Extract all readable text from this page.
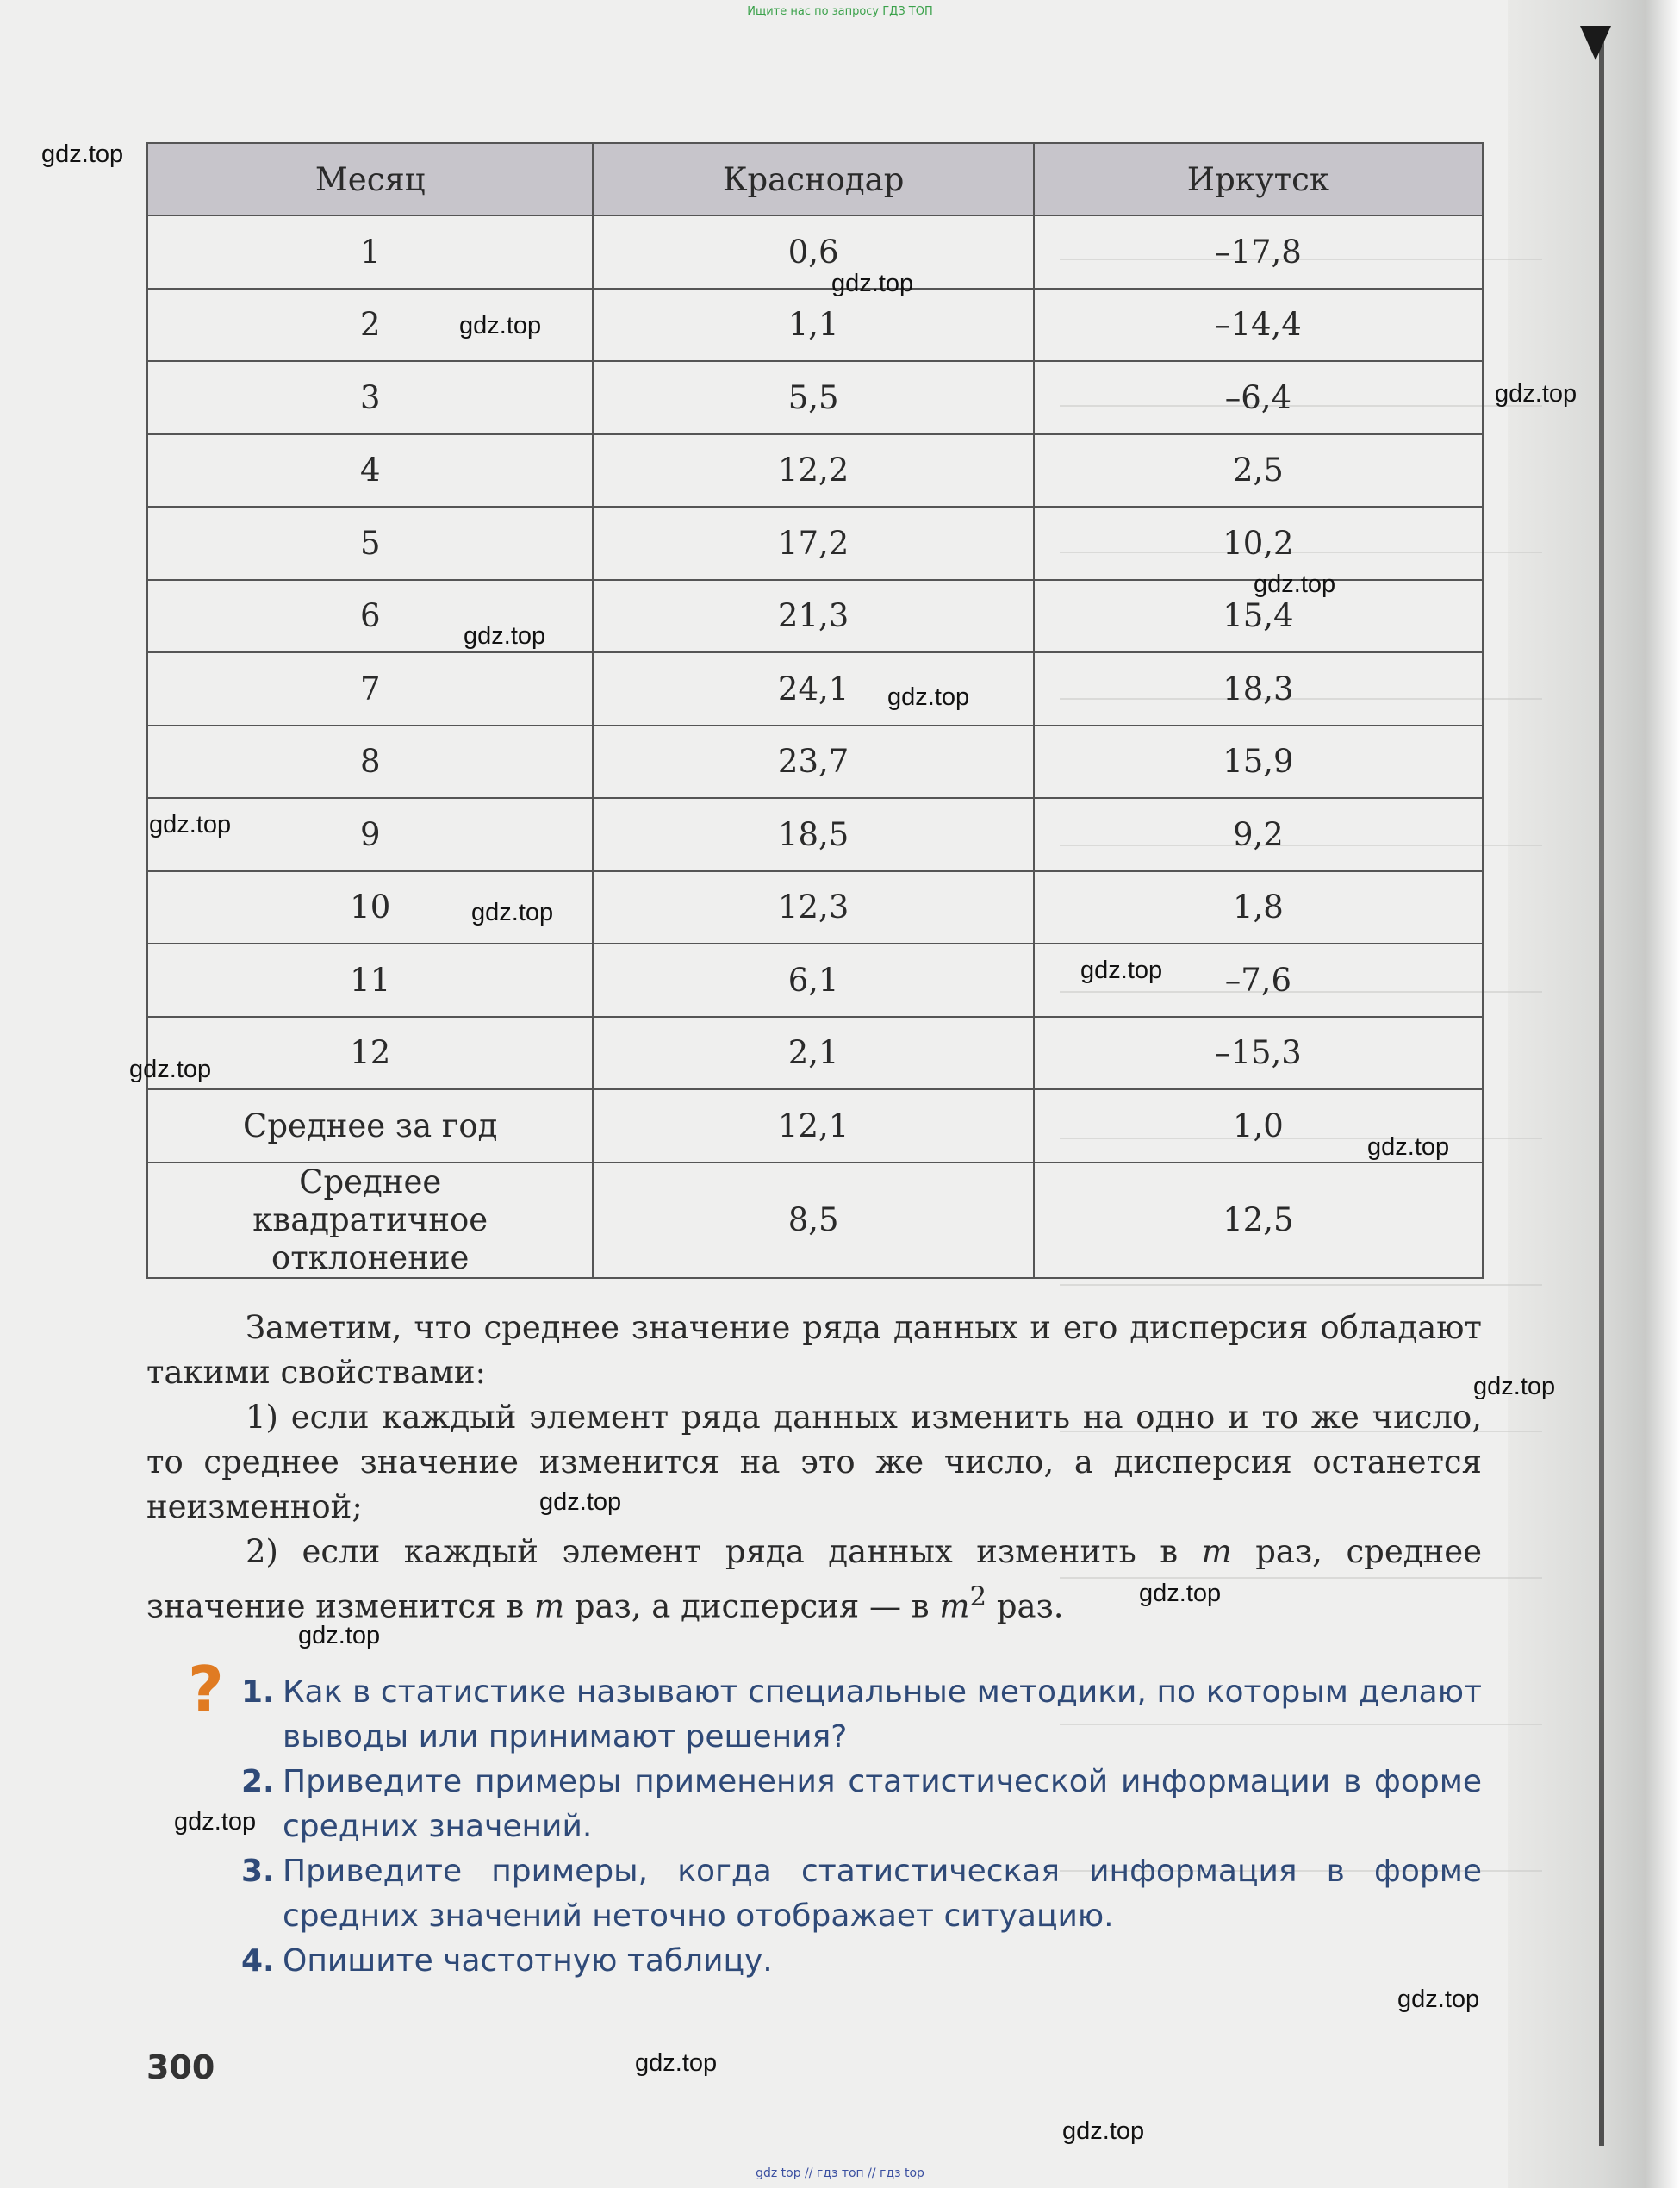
Ищите нас по запросу ГДЗ ТОП
Месяц	Краснодар	Иркутск
1	0,6	–17,8
2	1,1	–14,4
3	5,5	–6,4
4	12,2	2,5
5	17,2	10,2
6	21,3	15,4
7	24,1	18,3
8	23,7	15,9
9	18,5	9,2
10	12,3	1,8
11	6,1	–7,6
12	2,1	–15,3
Среднее за год	12,1	1,0
Среднее квадратичное отклонение	8,5	12,5
Заметим, что среднее значение ряда данных и его дисперсия обладают такими свойствами:
1) если каждый элемент ряда данных изменить на одно и то же число, то среднее значение изменится на это же число, а дисперсия останется неизменной;
2) если каждый элемент ряда данных изменить в m раз, среднее значение изменится в m раз, а дисперсия — в $m^2$ раз.
? 1. Как в статистике называют специальные методики, по которым делают выводы или принимают решения?
2. Приведите примеры применения статистической информации в форме средних значений.
3. Приведите примеры, когда статистическая информация в форме средних значений неточно отображает ситуацию.
4. Опишите частотную таблицу.
300
gdz.top
gdz.top
gdz.top
gdz.top
gdz.top
gdz.top
gdz.top
gdz.top
gdz.top
gdz.top
gdz.top
gdz.top
gdz.top
gdz.top
gdz.top
gdz.top
gdz.top
gdz.top
gdz.top
gdz.top
gdz top // гдз топ // гдз top
